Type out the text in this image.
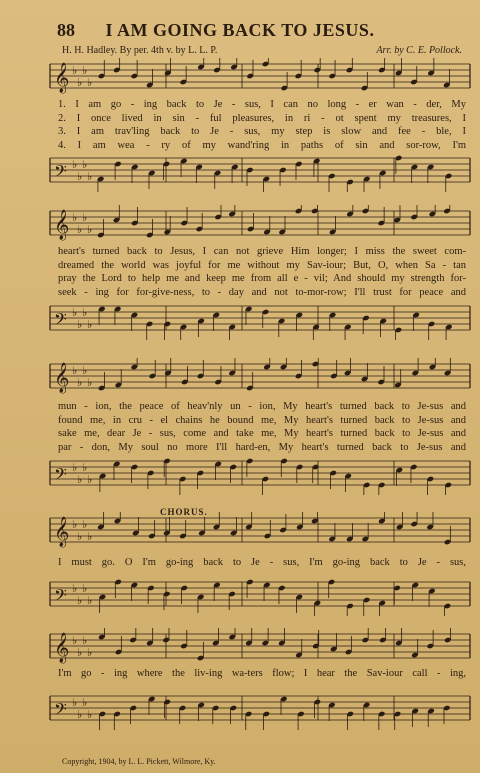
88	I AM GOING BACK TO JESUS.
H. H. Hadley. By per. 4th v. by L. L. P.	Arr. by C. E. Pollock.
𝄞 ♭
♭
♭
♭
1. I am go - ing back to Je - sus, I can no long - er wan - der, My
2. I once lived in sin - ful pleasures, in ri - ot spent my treasures, I
3. I am trav'ling back to Je - sus, my step is slow and fee - ble, I
4. I am wea - ry of my wand'ring in paths of sin and sor-row, I'm
𝄢 ♭
♭
♭
♭
𝄞 ♭
♭
♭
♭
heart's turned back to Jesus, I can not grieve Him longer; I miss the sweet com-
dreamed the world was joyful for me without my Sav-iour; But, O, when Sa - tan
pray the Lord to help me and keep me from all e - vil; And should my strength for-
seek - ing for for-give-ness, to - day and not to-mor-row; I'll trust for peace and
𝄢 ♭
♭
♭
♭
𝄞 ♭
♭
♭
♭
mun - ion, the peace of heav'nly un - ion, My heart's turned back to Je-sus and
found me, in cru - el chains he bound me, My heart's turned back to Je-sus and
sake me, dear Je - sus, come and take me, My heart's turned back to Je-sus and
par - don, My soul no more I'll hard-en, My heart's turned back to Je-sus and
𝄢 ♭
♭
♭
♭
CHORUS.
𝄞 ♭
♭
♭
♭
I must go. O I'm go-ing back to Je - sus, I'm go-ing back to Je - sus,
𝄢 ♭
♭
♭
♭
𝄞 ♭
♭
♭
♭
I'm go - ing where the liv-ing wa-ters flow; I hear the Sav-iour call - ing,
𝄢 ♭
♭
♭
♭
Copyright, 1904, by L. L. Pickett, Wilmore, Ky.
